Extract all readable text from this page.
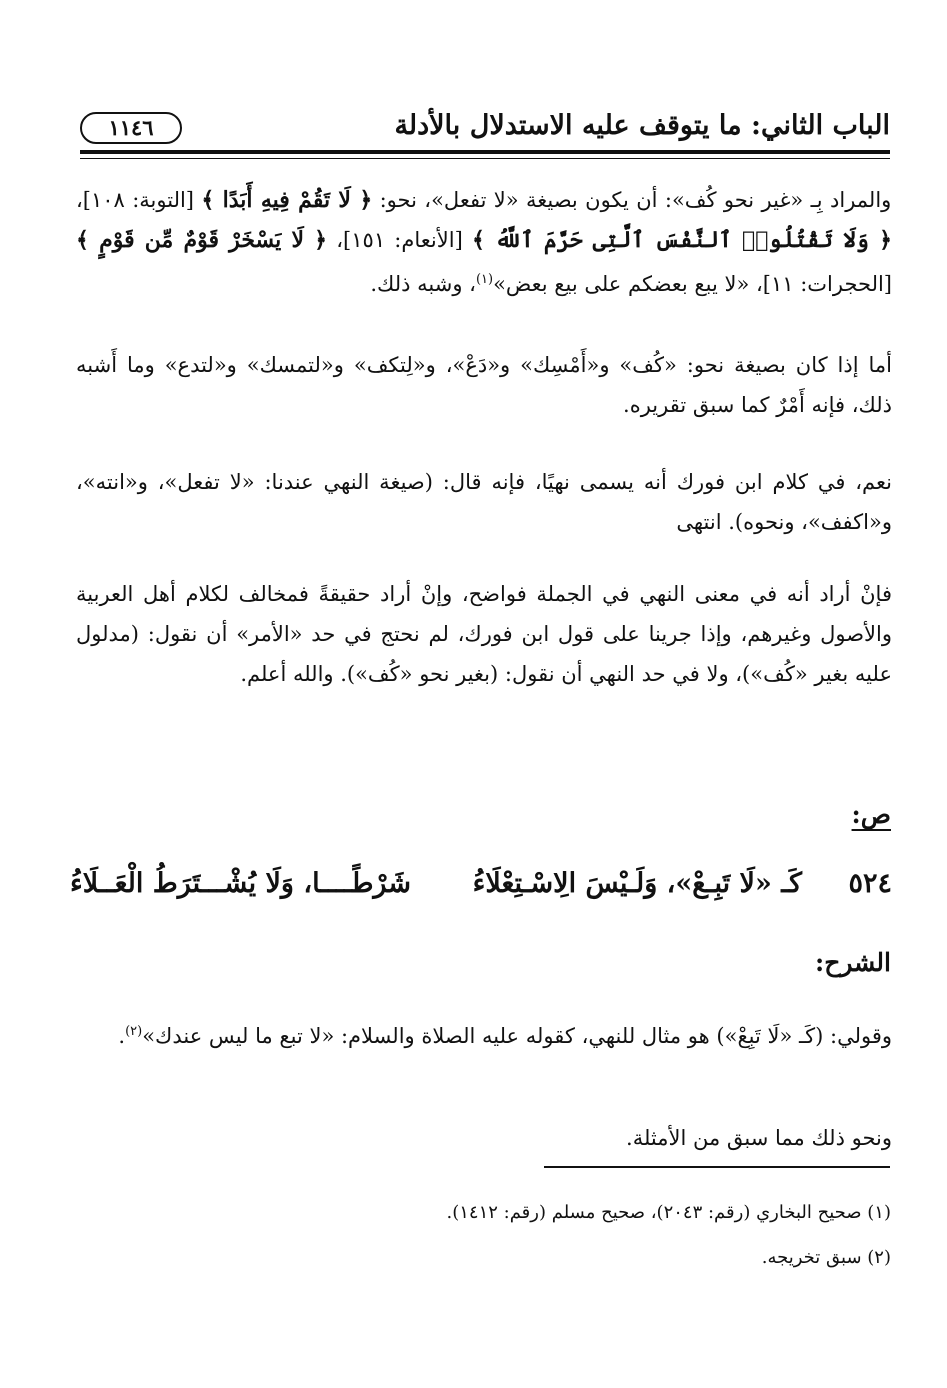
الباب الثاني: ما يتوقف عليه الاستدلال بالأدلة
١١٤٦

والمراد بِـ «غير نحو كُف»: أن يكون بصيغة «لا تفعل»، نحو: ﴿ لَا تَقُمْ فِيهِ أَبَدًا ﴾ [التوبة: ١٠٨]، ﴿ وَلَا تَقْتُلُوا۟ ٱلنَّفْسَ ٱلَّتِى حَرَّمَ ٱللَّهُ ﴾ [الأنعام: ١٥١]، ﴿ لَا يَسْخَرْ قَوْمٌ مِّن قَوْمٍ ﴾ [الحجرات: ١١]، «لا يبع بعضكم على بيع بعض»$^{(١)}$، وشبه ذلك.

أما إذا كان بصيغة نحو: «كُف» و«أَمْسِك» و«دَعْ»، و«لِتكف» و«لتمسك» و«لتدع» وما أَشبه ذلك، فإنه أَمْرٌ كما سبق تقريره.

نعم، في كلام ابن فورك أنه يسمى نهيًا، فإنه قال: (صيغة النهي عندنا: «لا تفعل»، و«انته»، و«اكفف»، ونحوه). انتهى

فإنْ أراد أنه في معنى النهي في الجملة فواضح، وإنْ أراد حقيقةً فمخالف لكلام أهل العربية والأصول وغيرهم، وإذا جرينا على قول ابن فورك، لم نحتج في حد «الأمر» أن نقول: (مدلول عليه بغير «كُف»)، ولا في حد النهي أن نقول: (بغير نحو «كُف»). والله أعلم.

ص:
٥٢٤
كَـ «لَا تَبِـعْ»، وَلَـيْسَ الِاسْـتِعْلَاءُ
شَرْطًــــا، وَلَا يُشْـــتَرَطُ الْعَــلَاءُ
الشرح:

وقولي: (كَـ «لَا تَبِعْ») هو مثال للنهي، كقوله عليه الصلاة والسلام: «لا تبع ما ليس عندك»$^{(٢)}$.

ونحو ذلك مما سبق من الأمثلة.

(١) صحيح البخاري (رقم: ٢٠٤٣)، صحيح مسلم (رقم: ١٤١٢).
(٢) سبق تخريجه.
